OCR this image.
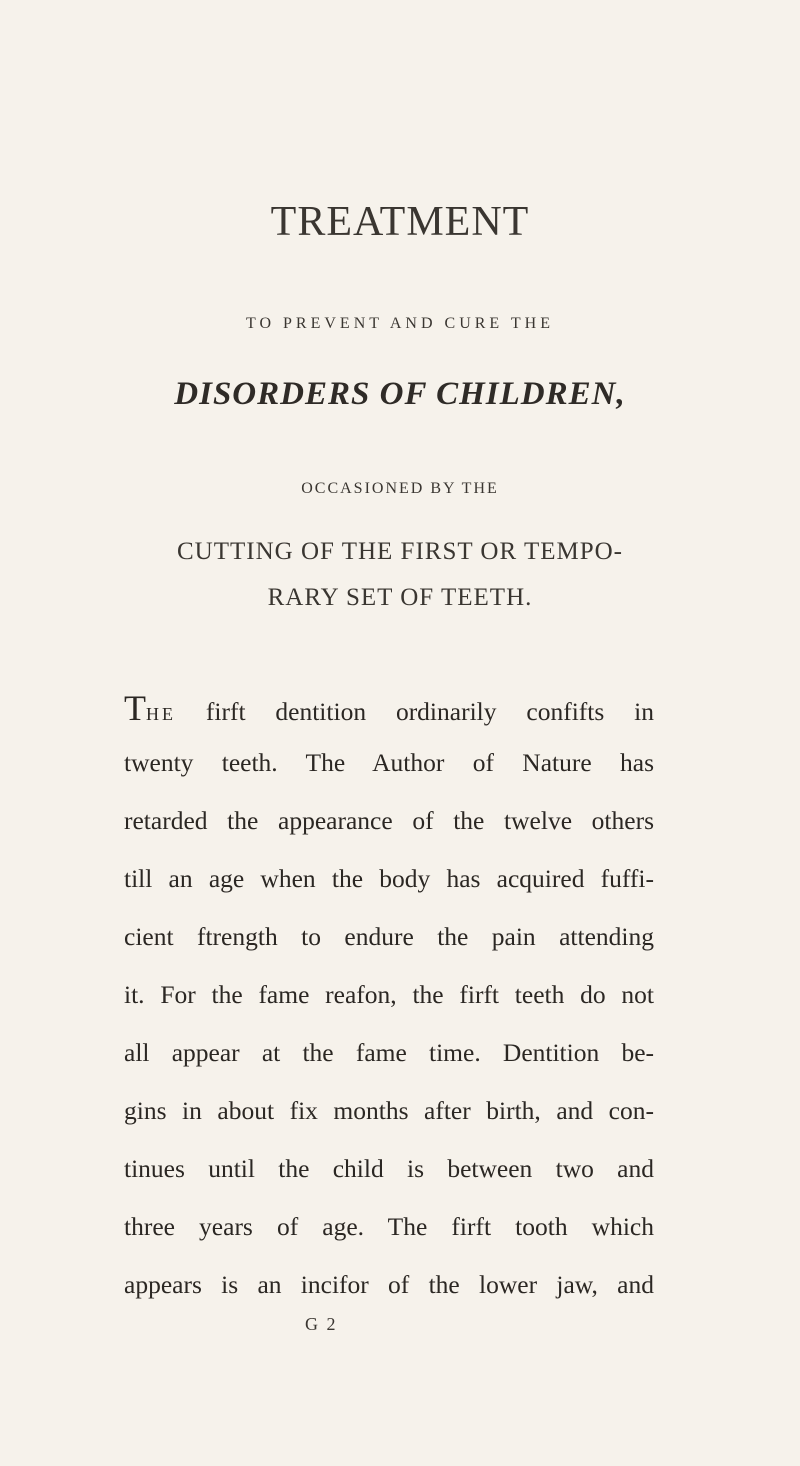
TREATMENT
TO PREVENT AND CURE THE
DISORDERS OF CHILDREN,
OCCASIONED BY THE
CUTTING OF THE FIRST OR TEMPO-
RARY SET OF TEETH.
THE firft dentition ordinarily confifts in
twenty teeth. The Author of Nature has
retarded the appearance of the twelve others
till an age when the body has acquired fuffi-
cient ftrength to endure the pain attending
it. For the fame reafon, the firft teeth do not
all appear at the fame time. Dentition be-
gins in about fix months after birth, and con-
tinues until the child is between two and
three years of age. The firft tooth which
appears is an incifor of the lower jaw, and
G 2
